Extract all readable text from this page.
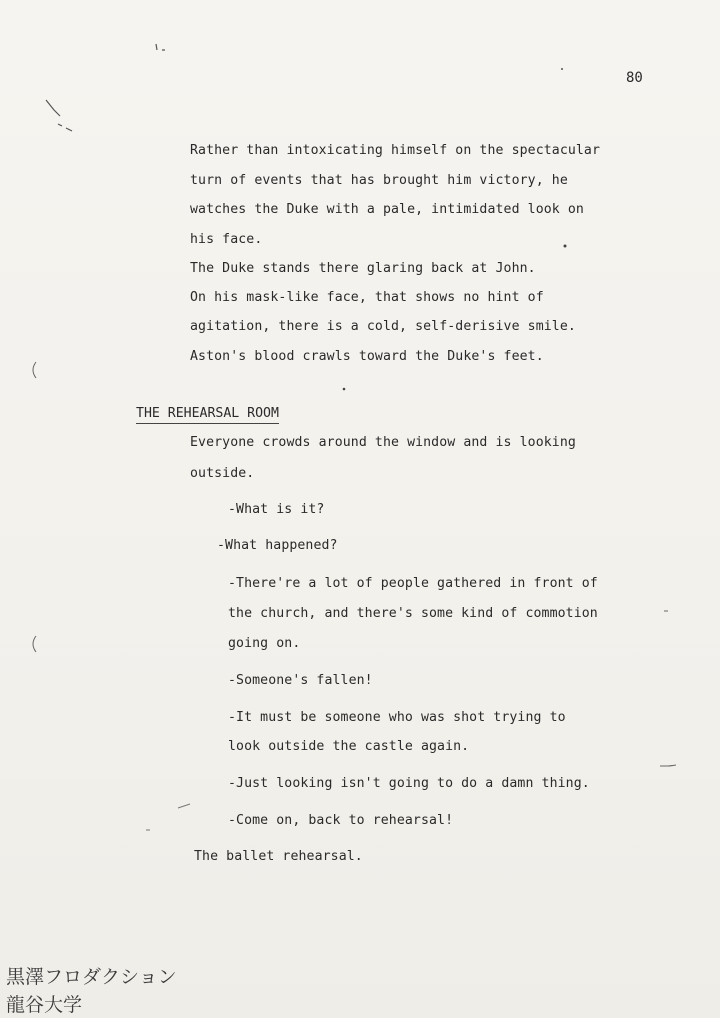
80
Rather than intoxicating himself on the spectacular
turn of events that has brought him victory, he
watches the Duke with a pale, intimidated look on
his face.
The Duke stands there glaring back at John.
On his mask-like face, that shows no hint of
agitation, there is a cold, self-derisive smile.
Aston's blood crawls toward the Duke's feet.
THE REHEARSAL ROOM
Everyone crowds around the window and is looking
outside.
-What is it?
-What happened?
-There're a lot of people gathered in front of
the church, and there's some kind of commotion
going on.
-Someone's fallen!
-It must be someone who was shot trying to
look outside the castle again.
-Just looking isn't going to do a damn thing.
-Come on, back to rehearsal!
The ballet rehearsal.
黒澤フロダクション
龍谷大学
